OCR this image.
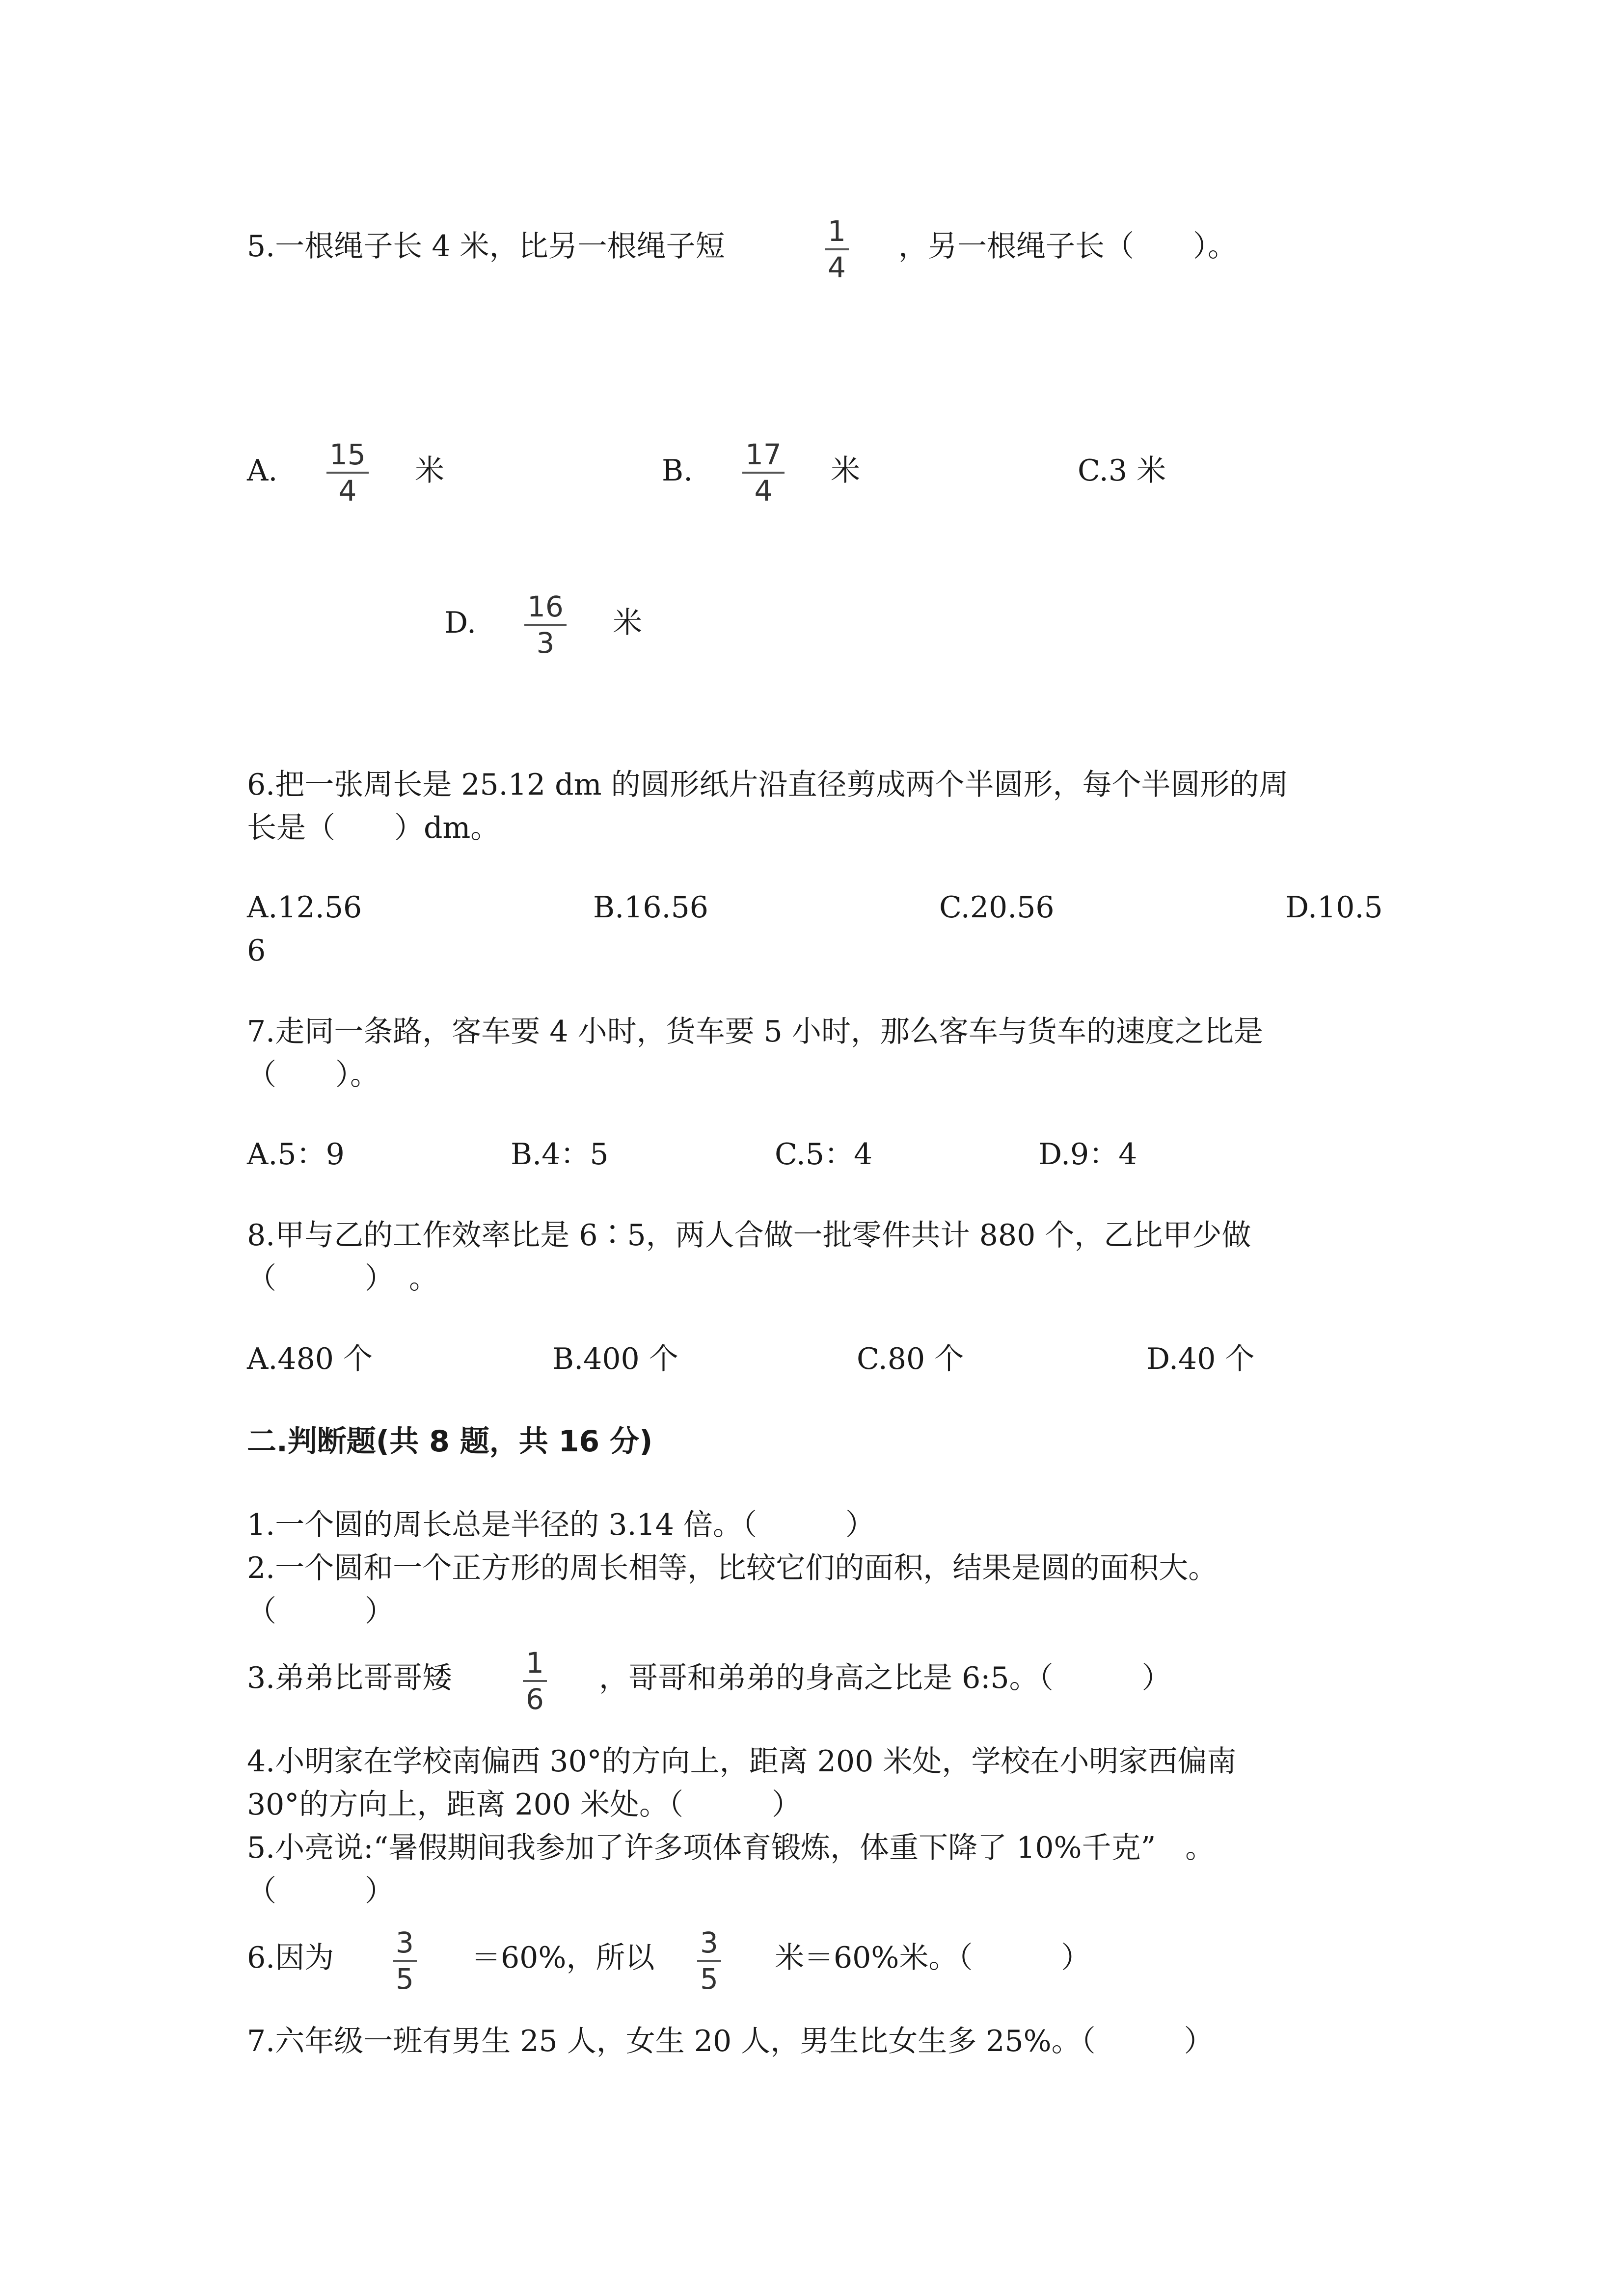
5.一根绳子长 4 米，比另一根绳子短	1
4
，另一根绳子长（　　）。
A. 15
4
米	B. 17
4
米	C.3 米
D. 16
3
米
6.把一张周长是 25.12 dm 的圆形纸片沿直径剪成两个半圆形，每个半圆形的周
长是（　　）dm。
A.12.56	B.16.56	C.20.56	D.10.5
6
7.走同一条路，客车要 4 小时，货车要 5 小时，那么客车与货车的速度之比是
（　　）。
A.5：9	B.4：5	C.5：4	D.9：4
8.甲与乙的工作效率比是 6∶5，两人合做一批零件共计 880 个，乙比甲少做
（　　　）　。
A.480 个	B.400 个	C.80 个	D.40 个
二.判断题(共 8 题，共 16 分)
1.一个圆的周长总是半径的 3.14 倍。（　　　）
2.一个圆和一个正方形的周长相等，比较它们的面积，结果是圆的面积大。
（　　　）
3.弟弟比哥哥矮	1
6
，哥哥和弟弟的身高之比是 6:5。（　　　）
4.小明家在学校南偏西 30°的方向上，距离 200 米处，学校在小明家西偏南
30°的方向上，距离 200 米处。（　　　）
5.小亮说:“暑假期间我参加了许多项体育锻炼，体重下降了 10%千克”　。
（　　　）
6.因为 3
5
＝60%，所以 3
5
米＝60%米。（　　　）
7.六年级一班有男生 25 人，女生 20 人，男生比女生多 25%。（　　　）
